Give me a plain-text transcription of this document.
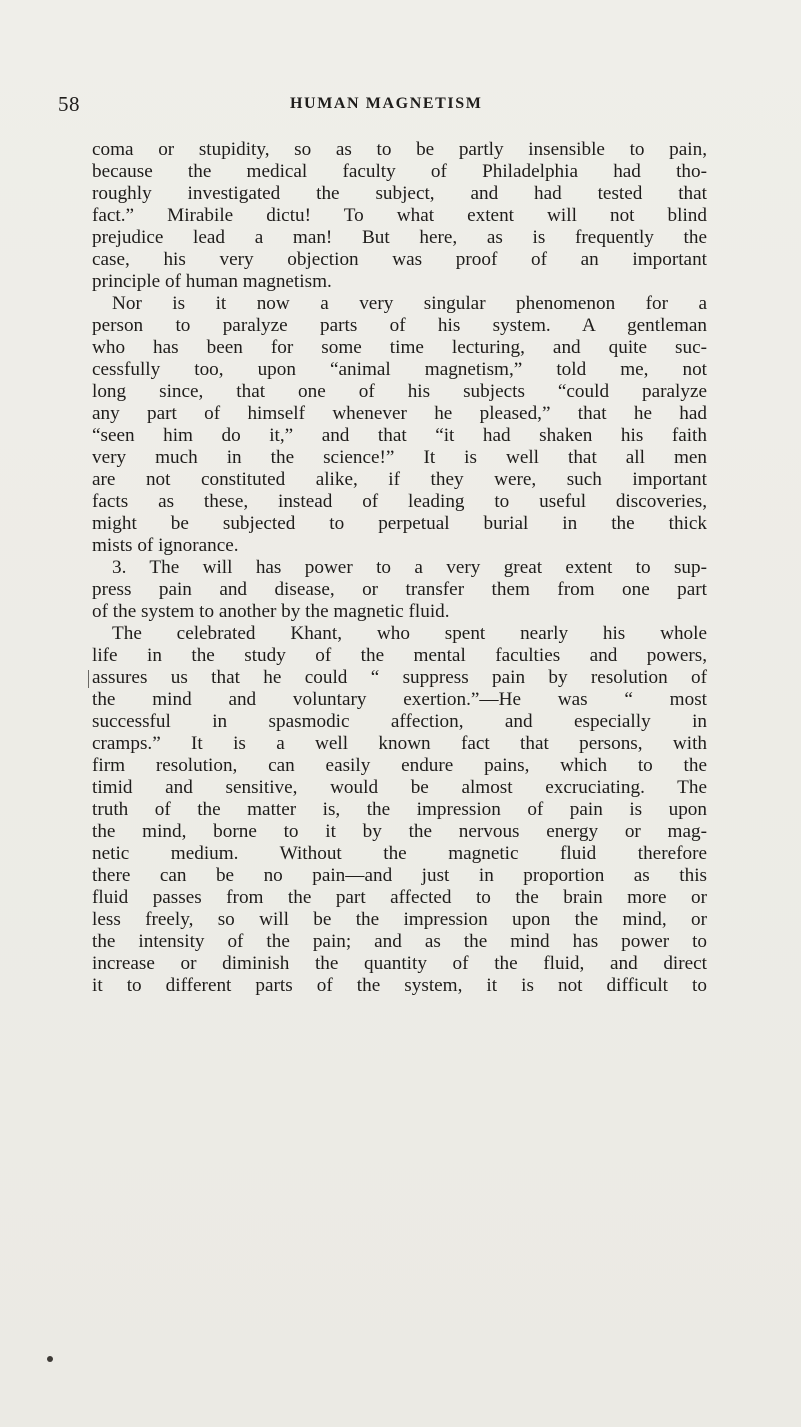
58	HUMAN MAGNETISM
coma or stupidity, so as to be partly insensible to pain,
because the medical faculty of Philadelphia had tho-
roughly investigated the subject, and had tested that
fact.” Mirabile dictu! To what extent will not blind
prejudice lead a man! But here, as is frequently the
case, his very objection was proof of an important
principle of human magnetism.
Nor is it now a very singular phenomenon for a
person to paralyze parts of his system. A gentleman
who has been for some time lecturing, and quite suc-
cessfully too, upon “animal magnetism,” told me, not
long since, that one of his subjects “could paralyze
any part of himself whenever he pleased,” that he had
“seen him do it,” and that “it had shaken his faith
very much in the science!” It is well that all men
are not constituted alike, if they were, such important
facts as these, instead of leading to useful discoveries,
might be subjected to perpetual burial in the thick
mists of ignorance.
3. The will has power to a very great extent to sup-
press pain and disease, or transfer them from one part
of the system to another by the magnetic fluid.
The celebrated Khant, who spent nearly his whole
life in the study of the mental faculties and powers,
assures us that he could “ suppress pain by resolution of
the mind and voluntary exertion.”—He was “ most
successful in spasmodic affection, and especially in
cramps.” It is a well known fact that persons, with
firm resolution, can easily endure pains, which to the
timid and sensitive, would be almost excruciating. The
truth of the matter is, the impression of pain is upon
the mind, borne to it by the nervous energy or mag-
netic medium. Without the magnetic fluid therefore
there can be no pain—and just in proportion as this
fluid passes from the part affected to the brain more or
less freely, so will be the impression upon the mind, or
the intensity of the pain; and as the mind has power to
increase or diminish the quantity of the fluid, and direct
it to different parts of the system, it is not difficult to
